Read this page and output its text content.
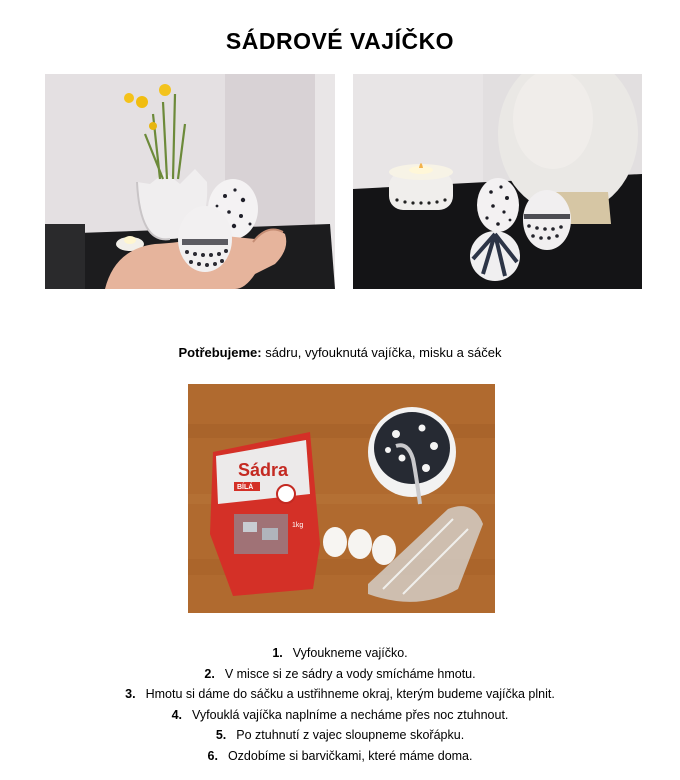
SÁDROVÉ VAJÍČKO
Potřebujeme: sádru, vyfouknutá vajíčka, misku a sáček
Sádra
BÍLÁ
1kg
1. Vyfoukneme vajíčko.
2. V misce si ze sádry a vody smícháme hmotu.
3. Hmotu si dáme do sáčku a ustřihneme okraj, kterým budeme vajíčka plnit.
4. Vyfouklá vajíčka naplníme a necháme přes noc ztuhnout.
5. Po ztuhnutí z vajec sloupneme skořápku.
6. Ozdobíme si barvičkami, které máme doma.
